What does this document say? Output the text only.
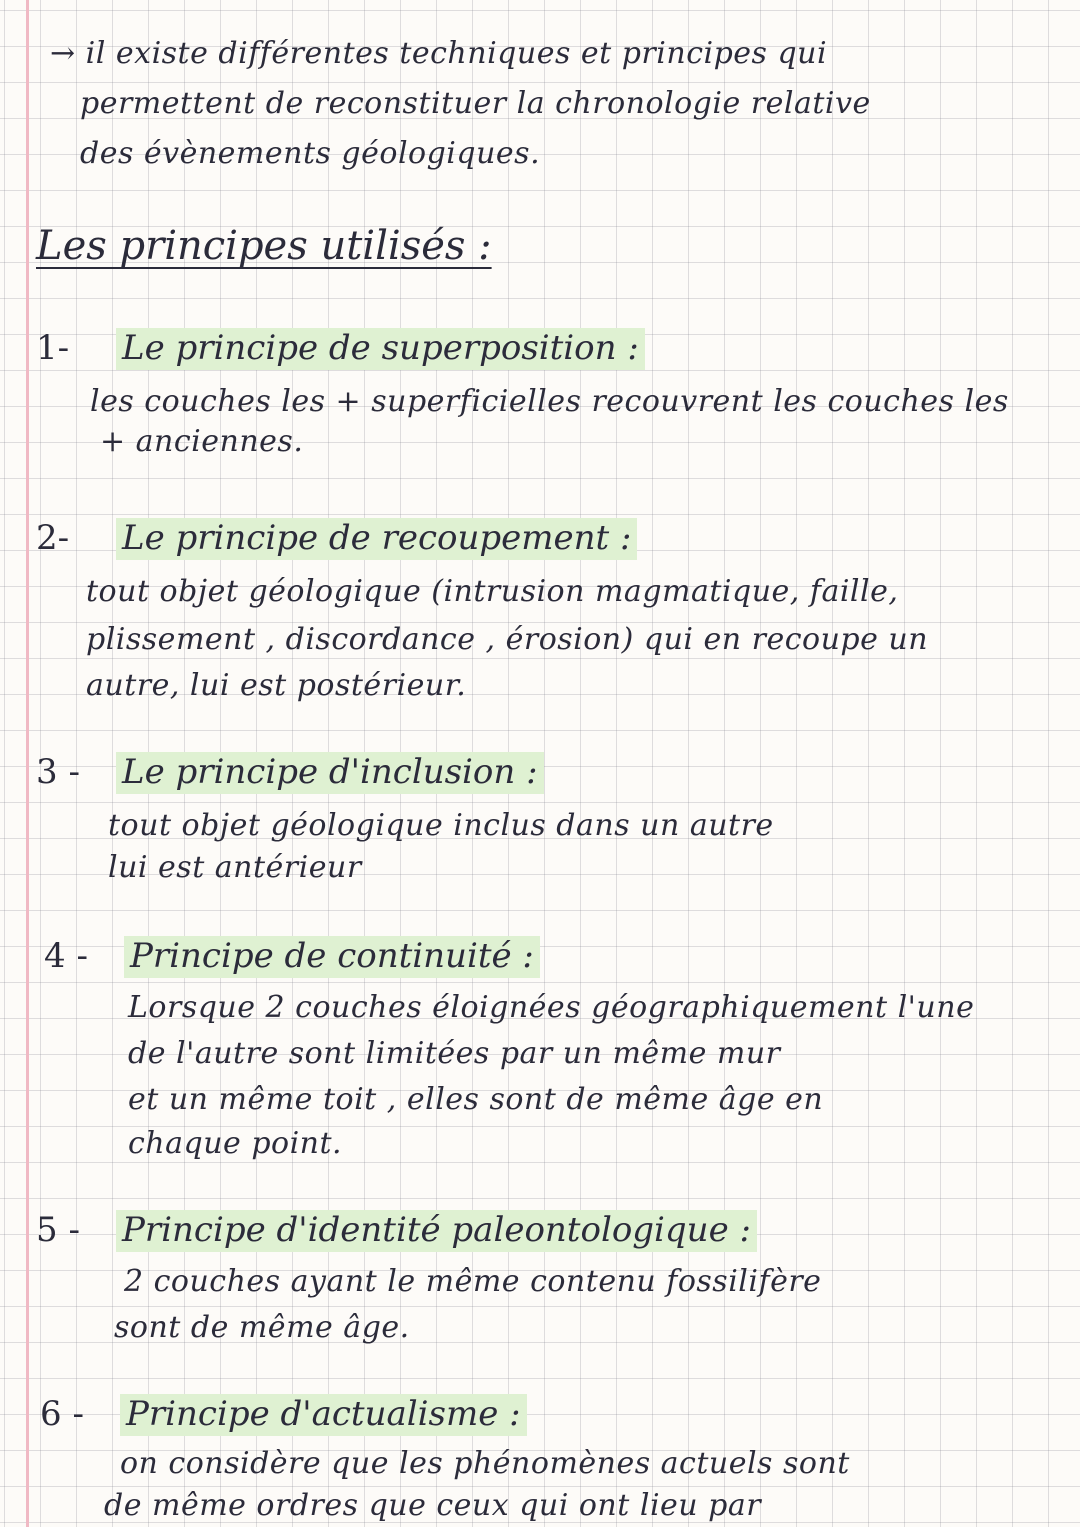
→ il existe différentes techniques et principes qui
permettent de reconstituer la chronologie relative
des évènements géologiques.
Les principes utilisés :
1- Le principe de superposition :
les couches les + superficielles recouvrent les couches les
+ anciennes.
2- Le principe de recoupement :
tout objet géologique (intrusion magmatique, faille,
plissement , discordance , érosion) qui en recoupe un
autre, lui est postérieur.
3 - Le principe d'inclusion :
tout objet géologique inclus dans un autre
lui est antérieur
4 - Principe de continuité :
Lorsque 2 couches éloignées géographiquement l'une
de l'autre sont limitées par un même mur
et un même toit , elles sont de même âge en
chaque point.
5 - Principe d'identité paleontologique :
2 couches ayant le même contenu fossilifère
sont de même âge.
6 - Principe d'actualisme :
on considère que les phénomènes actuels sont
de même ordres que ceux qui ont lieu par
